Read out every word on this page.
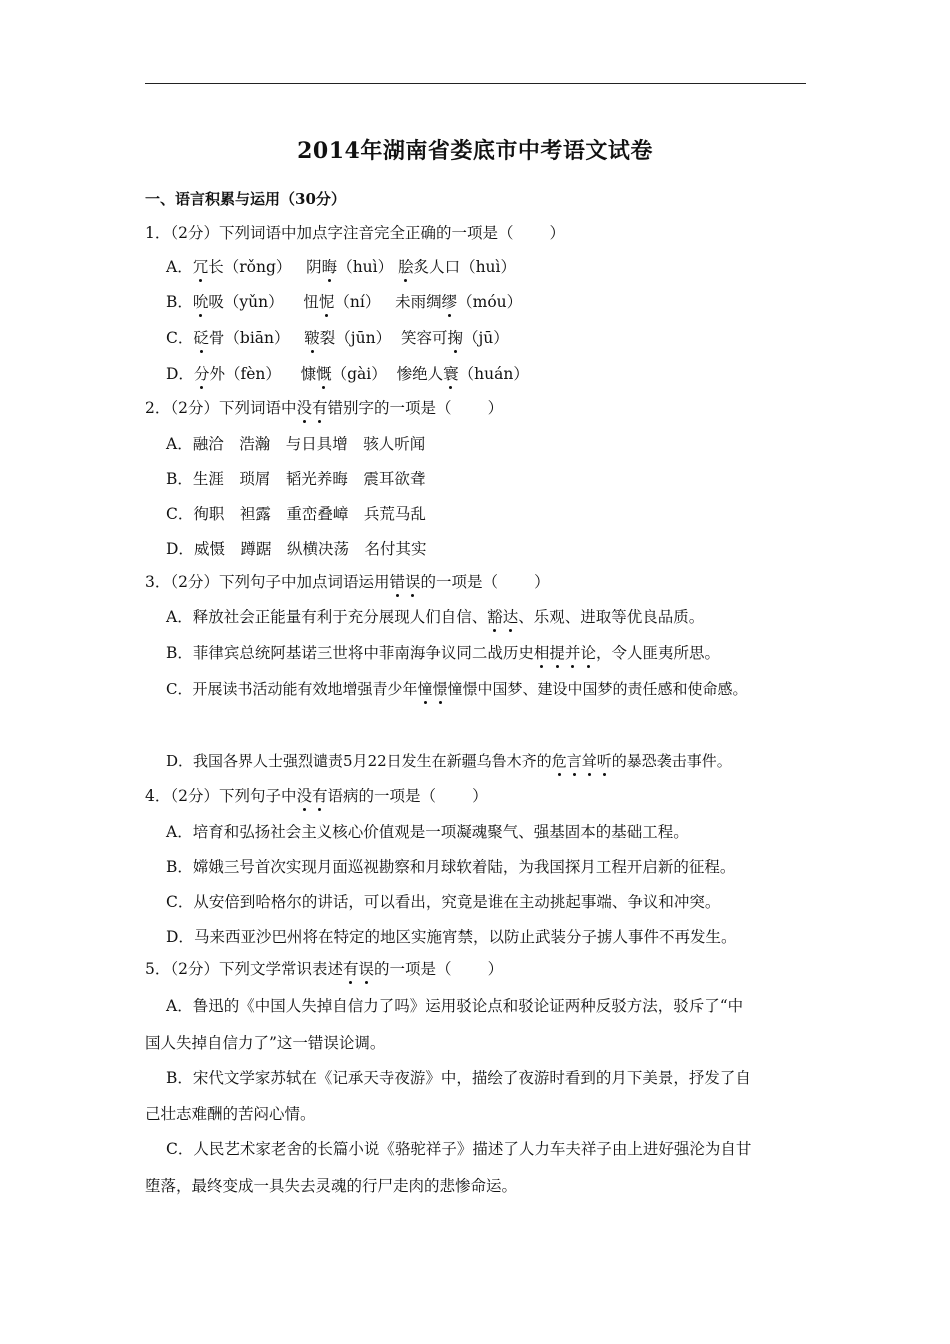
2014年湖南省娄底市中考语文试卷
一、语言积累与运用（30分）
1．（2分）下列词语中加点字注音完全正确的一项是（ ）
A．冗长（rǒng） 阴晦（huì） 脍炙人口（huì）
B．吮吸（yǔn） 忸怩（ní） 未雨绸缪（móu）
C．砭骨（biān） 皲裂（jūn） 笑容可掬（jū）
D．分外（fèn） 慷慨（gài） 惨绝人寰（huán）
2．（2分）下列词语中没有错别字的一项是（ ）
A．融洽　浩瀚　与日具增　骇人听闻
B．生涯　琐屑　韬光养晦　震耳欲聋
C．徇职　袒露　重峦叠嶂　兵荒马乱
D．威慑　蹲踞　纵横决荡　名付其实
3．（2分）下列句子中加点词语运用错误的一项是（ ）
A．释放社会正能量有利于充分展现人们自信、豁达、乐观、进取等优良品质。
B．菲律宾总统阿基诺三世将中菲南海争议同二战历史相提并论，令人匪夷所思。
C．开展读书活动能有效地增强青少年憧憬憧憬中国梦、建设中国梦的责任感和使命感。
D．我国各界人士强烈谴责5月22日发生在新疆乌鲁木齐的危言耸听的暴恐袭击事件。
4．（2分）下列句子中没有语病的一项是（ ）
A．培育和弘扬社会主义核心价值观是一项凝魂聚气、强基固本的基础工程。
B．嫦娥三号首次实现月面巡视勘察和月球软着陆，为我国探月工程开启新的征程。
C．从安倍到哈格尔的讲话，可以看出，究竟是谁在主动挑起事端、争议和冲突。
D．马来西亚沙巴州将在特定的地区实施宵禁，以防止武装分子掳人事件不再发生。
5．（2分）下列文学常识表述有误的一项是（ ）
A．鲁迅的《中国人失掉自信力了吗》运用驳论点和驳论证两种反驳方法，驳斥了“中
国人失掉自信力了”这一错误论调。
B．宋代文学家苏轼在《记承天寺夜游》中，描绘了夜游时看到的月下美景，抒发了自
己壮志难酬的苦闷心情。
C．人民艺术家老舍的长篇小说《骆驼祥子》描述了人力车夫祥子由上进好强沦为自甘
堕落，最终变成一具失去灵魂的行尸走肉的悲惨命运。
